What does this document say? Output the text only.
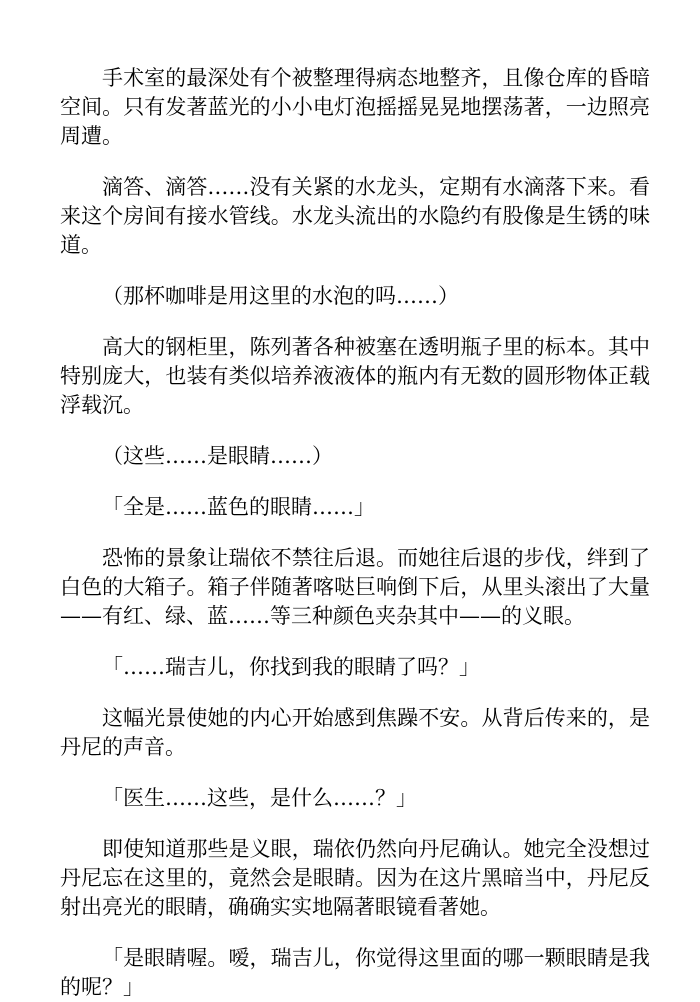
手术室的最深处有个被整理得病态地整齐，且像仓库的昏暗空间。只有发著蓝光的小小电灯泡摇摇晃晃地摆荡著，一边照亮周遭。

滴答、滴答……没有关紧的水龙头，定期有水滴落下来。看来这个房间有接水管线。水龙头流出的水隐约有股像是生锈的味道。

（那杯咖啡是用这里的水泡的吗……）

高大的钢柜里，陈列著各种被塞在透明瓶子里的标本。其中特别庞大，也装有类似培养液液体的瓶内有无数的圆形物体正载浮载沉。

（这些……是眼睛……）

「全是……蓝色的眼睛……」

恐怖的景象让瑞依不禁往后退。而她往后退的步伐，绊到了白色的大箱子。箱子伴随著喀哒巨响倒下后，从里头滚出了大量——有红、绿、蓝……等三种颜色夹杂其中——的义眼。

「……瑞吉儿，你找到我的眼睛了吗？」

这幅光景使她的内心开始感到焦躁不安。从背后传来的，是丹尼的声音。

「医生……这些，是什么……？」

即使知道那些是义眼，瑞依仍然向丹尼确认。她完全没想过丹尼忘在这里的，竟然会是眼睛。因为在这片黑暗当中，丹尼反射出亮光的眼睛，确确实实地隔著眼镜看著她。

「是眼睛喔。嗳，瑞吉儿，你觉得这里面的哪一颗眼睛是我的呢？」
